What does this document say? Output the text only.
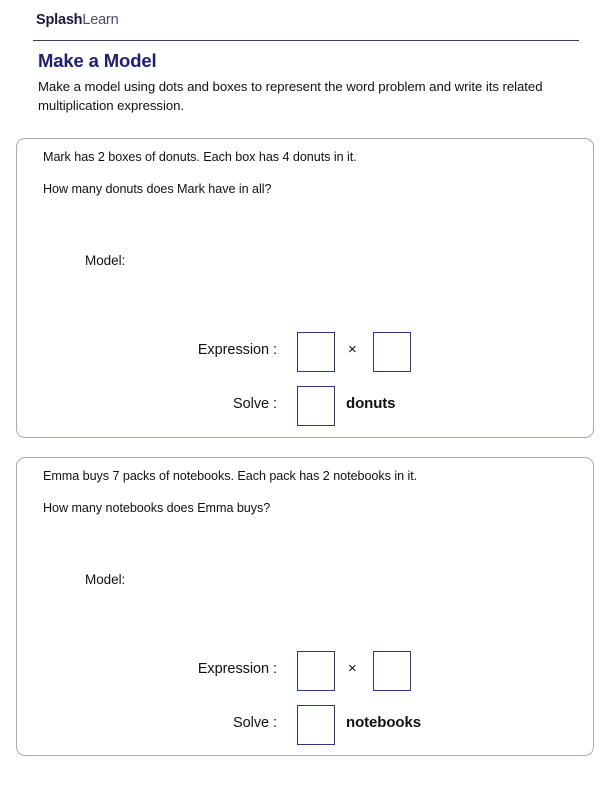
SplashLearn
Make a Model

Make a model using dots and boxes to represent the word problem and write its related multiplication expression.

Mark has 2 boxes of donuts. Each box has 4 donuts in it.

How many donuts does Mark have in all?

Model:
Expression :	×
Solve :	donuts

Emma buys 7 packs of notebooks. Each pack has 2 notebooks in it.

How many notebooks does Emma buys?

Model:
Expression :	×
Solve :	notebooks
